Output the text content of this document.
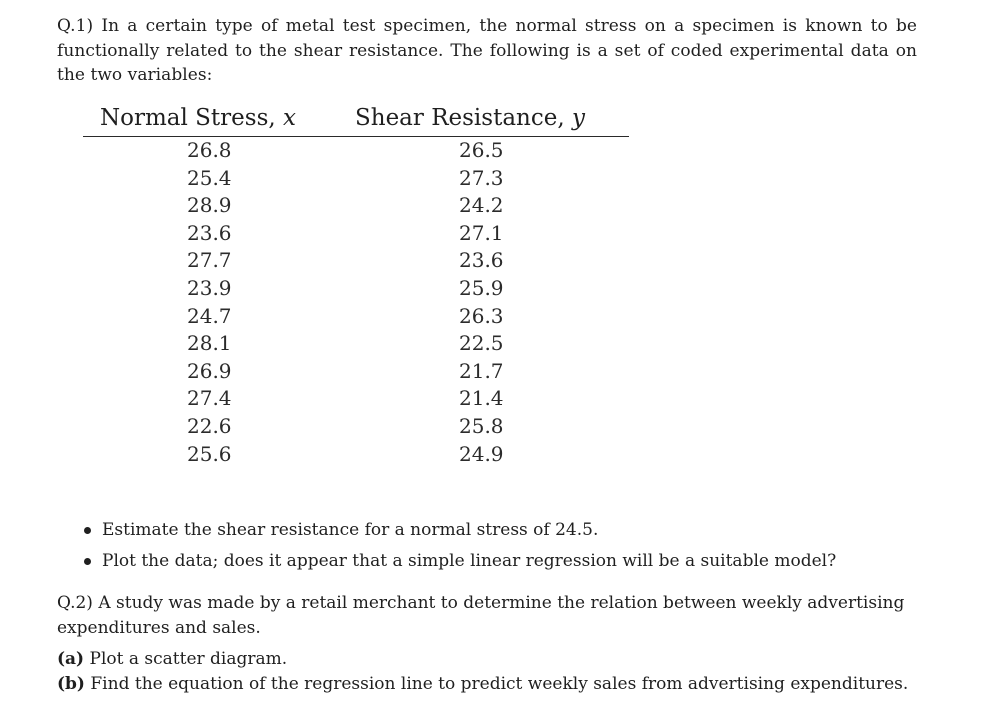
Q.1) In a certain type of metal test specimen, the normal stress on a specimen is known to be functionally related to the shear resistance. The following is a set of coded experimental data on the two variables:
Normal Stress, x	Shear Resistance, y
26.8	26.5
25.4	27.3
28.9	24.2
23.6	27.1
27.7	23.6
23.9	25.9
24.7	26.3
28.1	22.5
26.9	21.7
27.4	21.4
22.6	25.8
25.6	24.9
Estimate the shear resistance for a normal stress of 24.5.
Plot the data; does it appear that a simple linear regression will be a suitable model?
Q.2) A study was made by a retail merchant to determine the relation between weekly advertising expenditures and sales.
(a) Plot a scatter diagram.
(b) Find the equation of the regression line to predict weekly sales from advertising expenditures.
